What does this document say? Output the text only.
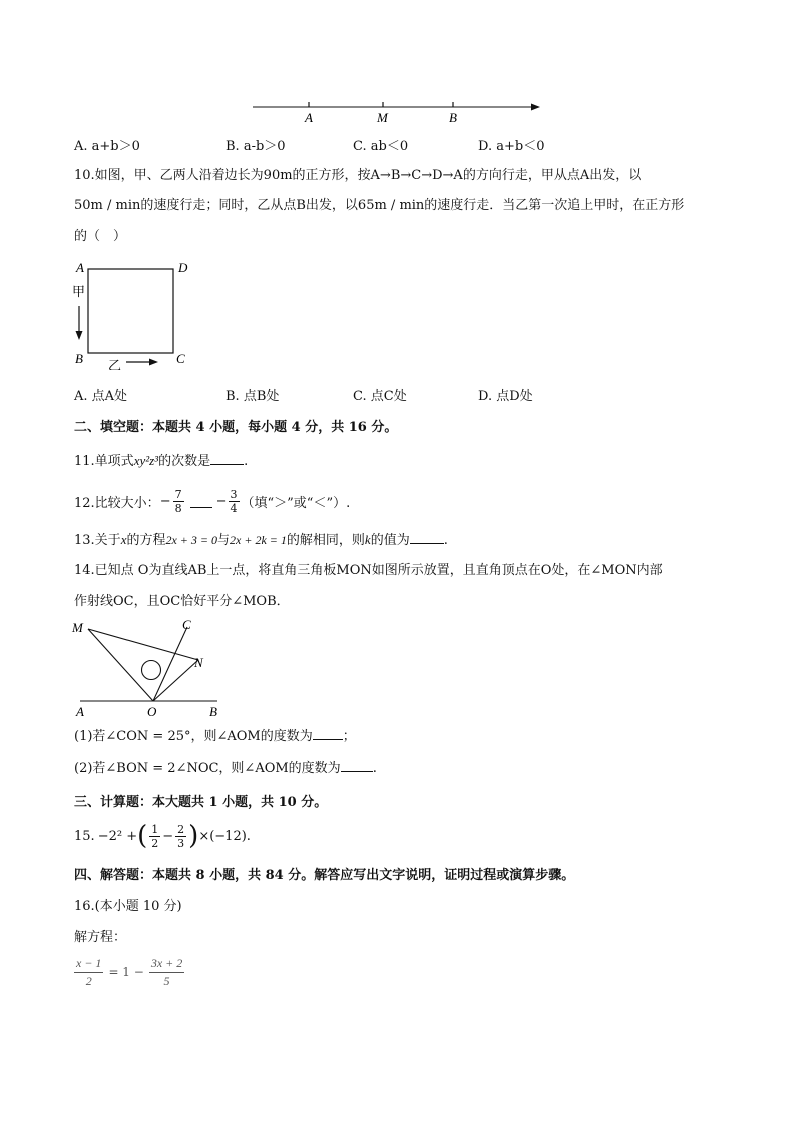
A	M	B
A. a+b＞0	B. a-b＞0	C. ab＜0	D. a+b＜0
10.如图，甲、乙两人沿着边长为90m的正方形，按A→B→C→D→A的方向行走，甲从点A出发，以
50m / min的速度行走；同时，乙从点B出发，以65m / min的速度行走．当乙第一次追上甲时，在正方形
的（　）
A	D
B	C
甲
乙
A. 点A处	B. 点B处	C. 点C处	D. 点D处
二、填空题：本题共 4 小题，每小题 4 分，共 16 分。
11.单项式xy²z³的次数是	.
12.比较大小： − $\frac{7}{8} - \frac{3}{4}$ （填“＞”或“＜”）.
13.关于x的方程2x + 3 = 0与2x + 2k = 1的解相同，则k的值为	.
14.已知点 O为直线AB上一点，将直角三角板MON如图所示放置，且直角顶点在O处，在∠MON内部
作射线OC，且OC恰好平分∠MOB．
M	C
N
A	O	B
(1)若∠CON = 25°，则∠AOM的度数为 ；
(2)若∠BON = 2∠NOC，则∠AOM的度数为 .
三、计算题：本大题共 1 小题，共 10 分。
15. −2² + ( $\frac{1}{2} - \frac{2}{3}$ ) ×(−12) .
四、解答题：本题共 8 小题，共 84 分。解答应写出文字说明，证明过程或演算步骤。
16.(本小题 10 分)
解方程：
$\frac{x - 1}{2} = 1 - \frac{3x + 2}{5}$
